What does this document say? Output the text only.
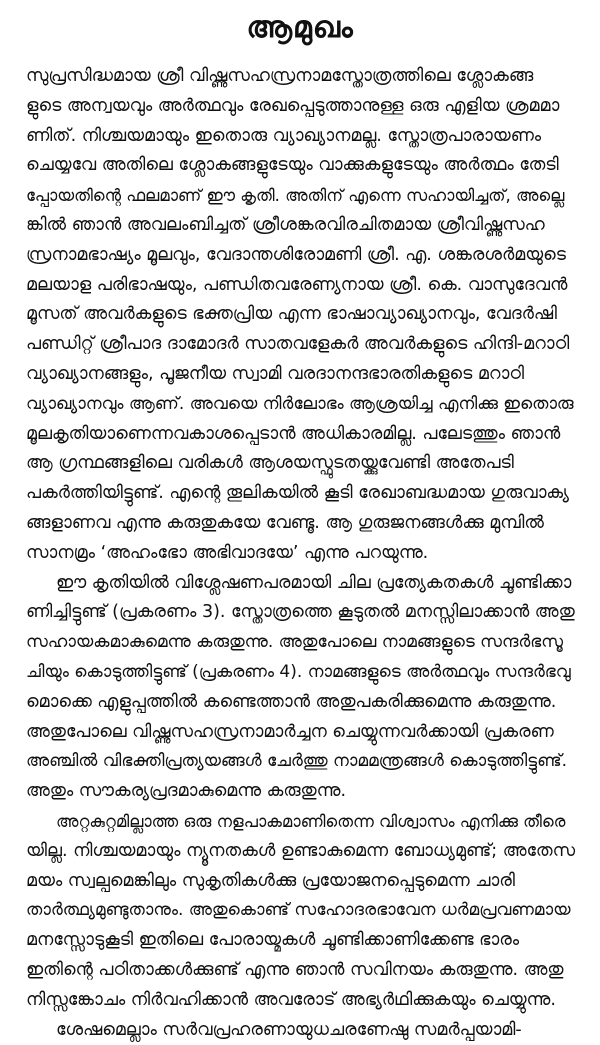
ആമുഖം
സുപ്രസിദ്ധമായ ശ്രീ വിഷ്ണുസഹസ്രനാമസ്തോത്രത്തിലെ ശ്ലോകങ്ങ
ളുടെ അന്വയവും അർത്ഥവും രേഖപ്പെടുത്താനുള്ള ഒരു എളിയ ശ്രമമാ
ണിത്. നിശ്ചയമായും ഇതൊരു വ്യാഖ്യാനമല്ല. സ്തോത്രപാരായണം
ചെയ്യവേ അതിലെ ശ്ലോകങ്ങളുടേയും വാക്കുകളുടേയും അർത്ഥം തേടി
പ്പോയതിന്റെ ഫലമാണ് ഈ കൃതി. അതിന് എന്നെ സഹായിച്ചത്, അല്ലെ
ങ്കിൽ ഞാൻ അവലംബിച്ചത് ശ്രീശങ്കരവിരചിതമായ ശ്രീവിഷ്ണുസഹ
സ്രനാമഭാഷ്യം മൂലവും, വേദാന്തശിരോമണി ശ്രീ. എ. ശങ്കരശർമയുടെ
മലയാള പരിഭാഷയും, പണ്ഡിതവരേണ്യനായ ശ്രീ. കെ. വാസുദേവൻ
മൂസത് അവർകളുടെ ഭക്തപ്രിയ എന്ന ഭാഷാവ്യാഖ്യാനവും, വേദർഷി
പണ്ഡിറ്റ് ശ്രീപാദ ദാമോദർ സാതവളേകർ അവർകളുടെ ഹിന്ദി-മറാഠി
വ്യാഖ്യാനങ്ങളും, പൂജനീയ സ്വാമി വരദാനന്ദഭാരതികളുടെ മറാഠി
വ്യാഖ്യാനവും ആണ്. അവയെ നിർലോഭം ആശ്രയിച്ച എനിക്കു ഇതൊരു
മൂലകൃതിയാണെന്നവകാശപ്പെടാൻ അധികാരമില്ല. പലേടത്തും ഞാൻ
ആ ഗ്രന്ഥങ്ങളിലെ വരികൾ ആശയസ്ഫുടതയ്ക്കുവേണ്ടി അതേപടി
പകർത്തിയിട്ടുണ്ട്. എന്റെ തൂലികയിൽ കൂടി രേഖാബദ്ധമായ ഗുരുവാക്യ
ങ്ങളാണവ എന്നു കരുതുകയേ വേണ്ടൂ. ആ ഗുരുജനങ്ങൾക്കു മുമ്പിൽ
സാനമ്രം ‘അഹംഭോ അഭിവാദയേ’ എന്നു പറയുന്നു.
ഈ കൃതിയിൽ വിശ്ലേഷണപരമായി ചില പ്രത്യേകതകൾ ചൂണ്ടിക്കാ
ണിച്ചിട്ടുണ്ട് (പ്രകരണം 3). സ്തോത്രത്തെ കൂടുതൽ മനസ്സിലാക്കാൻ അതു
സഹായകമാകുമെന്നു കരുതുന്നു. അതുപോലെ നാമങ്ങളുടെ സന്ദർഭസൂ
ചിയും കൊടുത്തിട്ടുണ്ട് (പ്രകരണം 4). നാമങ്ങളുടെ അർത്ഥവും സന്ദർഭവു
മൊക്കെ എളുപ്പത്തിൽ കണ്ടെത്താൻ അതുപകരിക്കുമെന്നു കരുതുന്നു.
അതുപോലെ വിഷ്ണുസഹസ്രനാമാർച്ചന ചെയ്യുന്നവർക്കായി പ്രകരണ
അഞ്ചിൽ വിഭക്തിപ്രത്യയങ്ങൾ ചേർത്തു നാമമന്ത്രങ്ങൾ കൊടുത്തിട്ടുണ്ട്.
അതും സൗകര്യപ്രദമാകുമെന്നു കരുതുന്നു.
അറ്റകുറ്റമില്ലാത്ത ഒരു നളപാകമാണിതെന്ന വിശ്വാസം എനിക്കു തീരെ
യില്ല. നിശ്ചയമായും ന്യൂനതകൾ ഉണ്ടാകുമെന്ന ബോധ്യമുണ്ട്; അതേസ
മയം സ്വല്പമെങ്കിലും സുകൃതികൾക്കു പ്രയോജനപ്പെടുമെന്ന ചാരി
താർത്ഥ്യമുണ്ടുതാനും. അതുകൊണ്ട് സഹോദരഭാവേന ധർമപ്രവണമായ
മനസ്സോടുകൂടി ഇതിലെ പോരായ്മകൾ ചൂണ്ടിക്കാണിക്കേണ്ട ഭാരം
ഇതിന്റെ പഠിതാക്കൾക്കുണ്ട് എന്നു ഞാൻ സവിനയം കരുതുന്നു. അതു
നിസ്സങ്കോചം നിർവഹിക്കാൻ അവരോട് അഭ്യർഥിക്കുകയും ചെയ്യുന്നു.
ശേഷമെല്ലാം സർവപ്രഹരണായുധചരണേഷു സമർപ്പയാമി-
